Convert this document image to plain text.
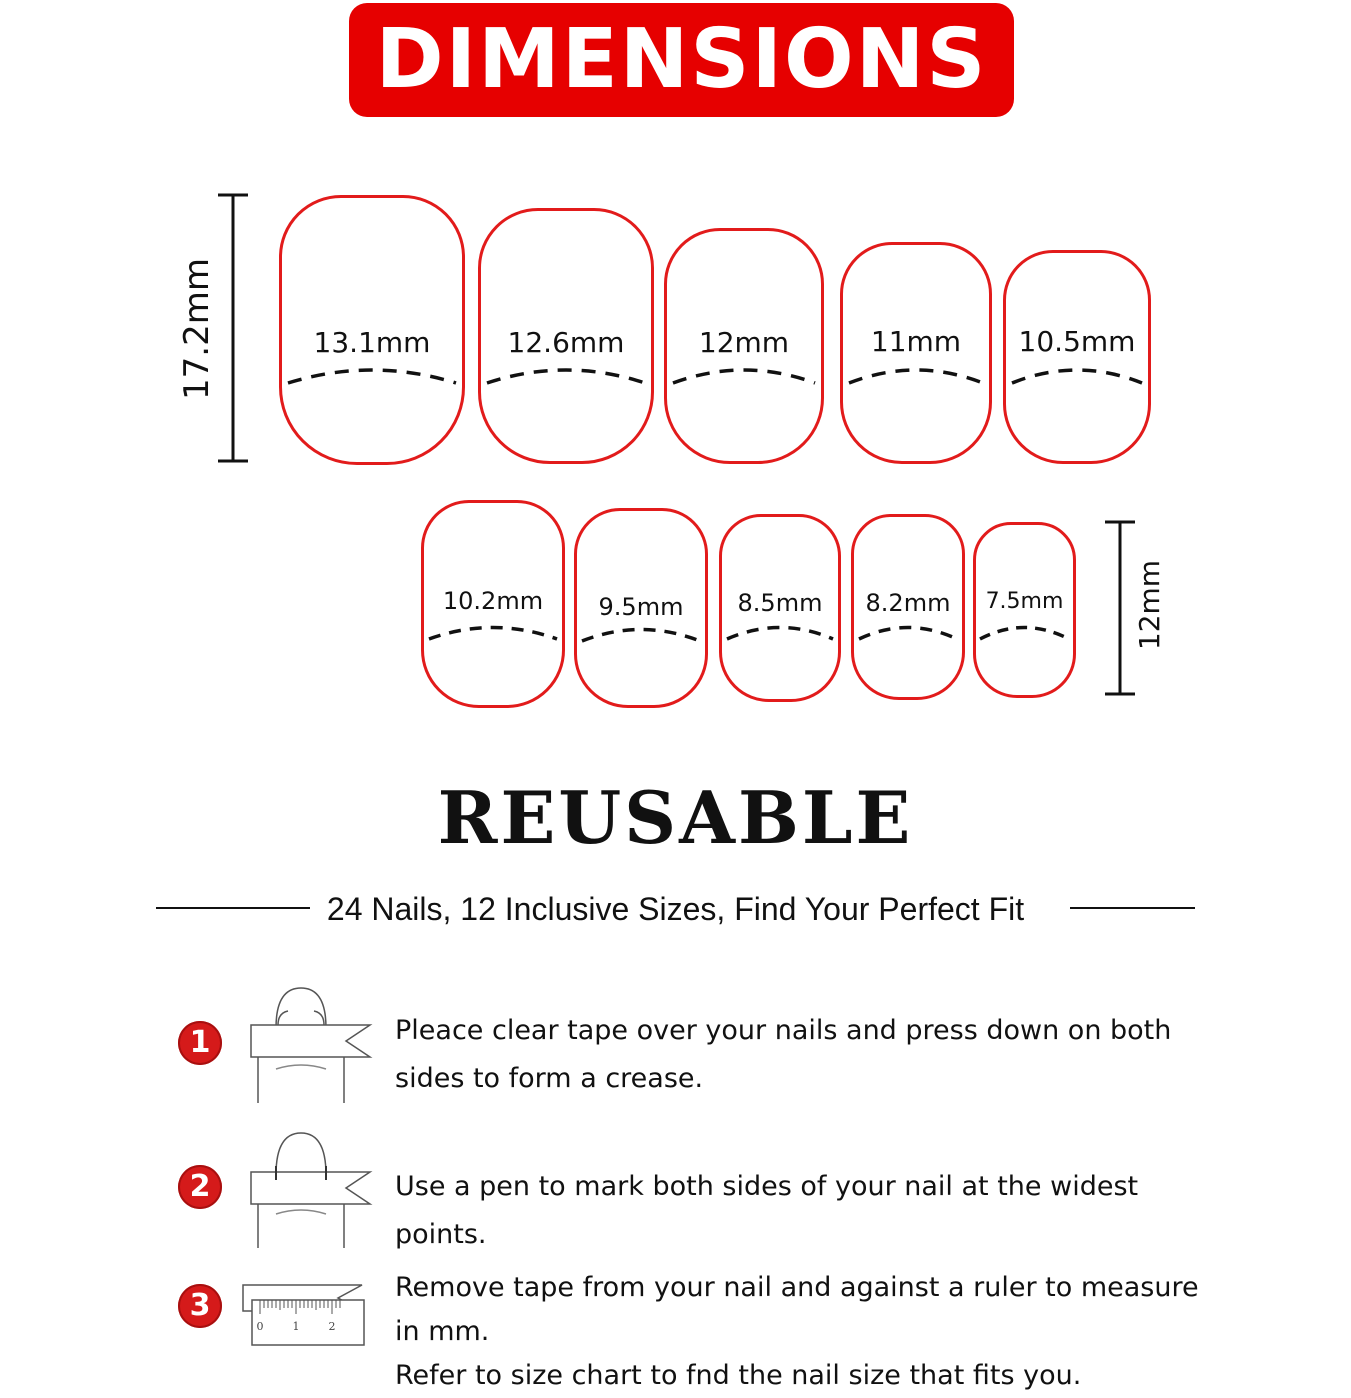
DIMENSIONS
17.2mm	13.1mm	12.6mm	12mm	11mm	10.5mm
10.2mm	9.5mm	8.5mm	8.2mm	7.5mm	12mm
REUSABLE
24 Nails, 12 Inclusive Sizes, Find Your Perfect Fit
1	Pleace clear tape over your nails and press down on both
sides to form a crease.
2	Use a pen to mark both sides of your nail at the widest points.
3
0	1	2
Remove tape from your nail and against a ruler to measure in mm.
Refer to size chart to fnd the nail size that fits you.
